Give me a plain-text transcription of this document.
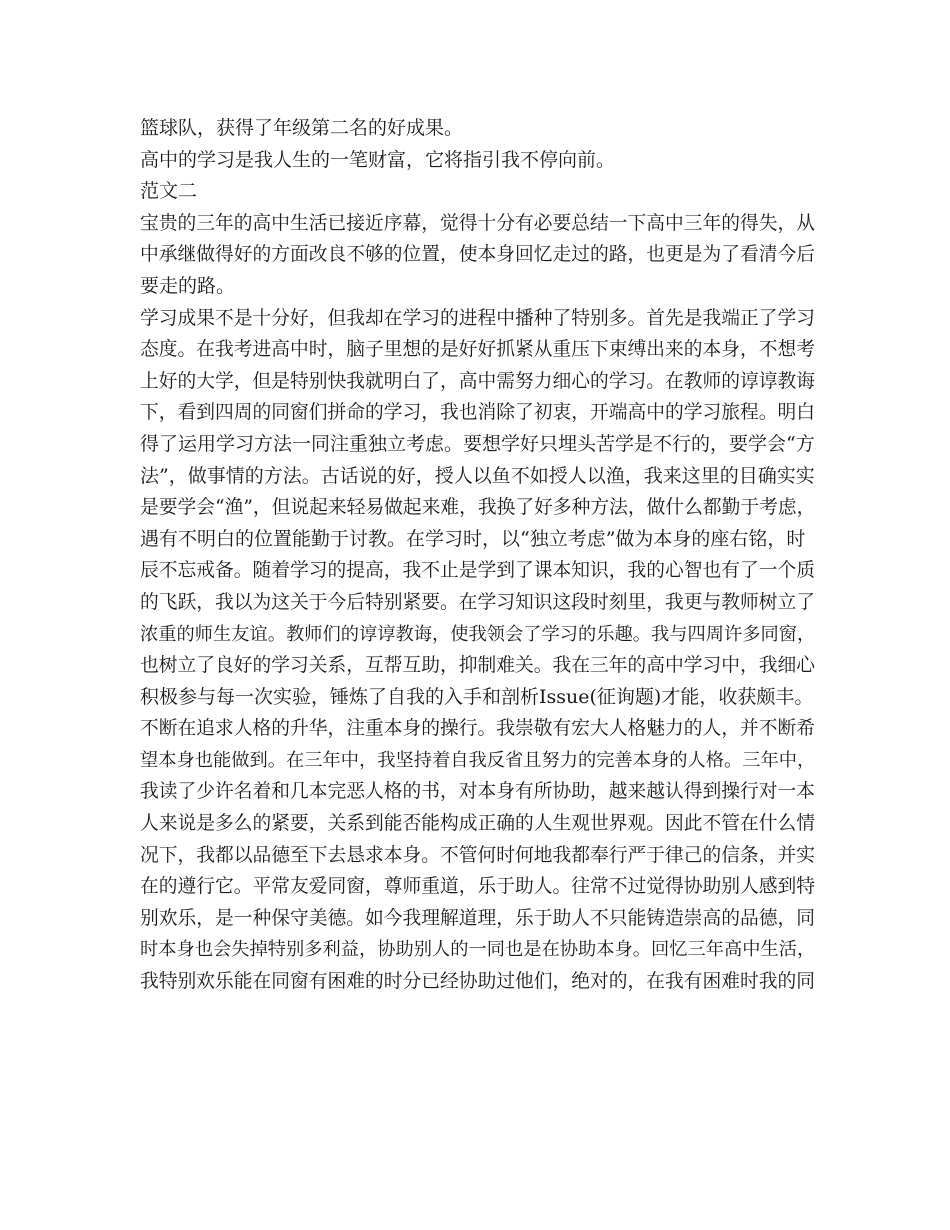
篮球队，获得了年级第二名的好成果。
高中的学习是我人生的一笔财富，它将指引我不停向前。
范文二
宝贵的三年的高中生活已接近序幕，觉得十分有必要总结一下高中三年的得失，从
中承继做得好的方面改良不够的位置，使本身回忆走过的路，也更是为了看清今后
要走的路。
学习成果不是十分好，但我却在学习的进程中播种了特别多。首先是我端正了学习
态度。在我考进高中时，脑子里想的是好好抓紧从重压下束缚出来的本身，不想考
上好的大学，但是特别快我就明白了，高中需努力细心的学习。在教师的谆谆教诲
下，看到四周的同窗们拼命的学习，我也消除了初衷，开端高中的学习旅程。明白
得了运用学习方法一同注重独立考虑。要想学好只埋头苦学是不行的，要学会“方
法”，做事情的方法。古话说的好，授人以鱼不如授人以渔，我来这里的目确实实
是要学会“渔”，但说起来轻易做起来难，我换了好多种方法，做什么都勤于考虑，
遇有不明白的位置能勤于讨教。在学习时，以“独立考虑”做为本身的座右铭，时
辰不忘戒备。随着学习的提高，我不止是学到了课本知识，我的心智也有了一个质
的飞跃，我以为这关于今后特别紧要。在学习知识这段时刻里，我更与教师树立了
浓重的师生友谊。教师们的谆谆教诲，使我领会了学习的乐趣。我与四周许多同窗，
也树立了良好的学习关系，互帮互助，抑制难关。我在三年的高中学习中，我细心
积极参与每一次实验，锤炼了自我的入手和剖析Issue(征询题)才能，收获颇丰。
不断在追求人格的升华，注重本身的操行。我崇敬有宏大人格魅力的人，并不断希
望本身也能做到。在三年中，我坚持着自我反省且努力的完善本身的人格。三年中，
我读了少许名着和几本完恶人格的书，对本身有所协助，越来越认得到操行对一本
人来说是多么的紧要，关系到能否能构成正确的人生观世界观。因此不管在什么情
况下，我都以品德至下去恳求本身。不管何时何地我都奉行严于律己的信条，并实
在的遵行它。平常友爱同窗，尊师重道，乐于助人。往常不过觉得协助别人感到特
别欢乐，是一种保守美德。如今我理解道理，乐于助人不只能铸造崇高的品德，同
时本身也会失掉特别多利益，协助别人的一同也是在协助本身。回忆三年高中生活，
我特别欢乐能在同窗有困难的时分已经协助过他们，绝对的，在我有困难时我的同
